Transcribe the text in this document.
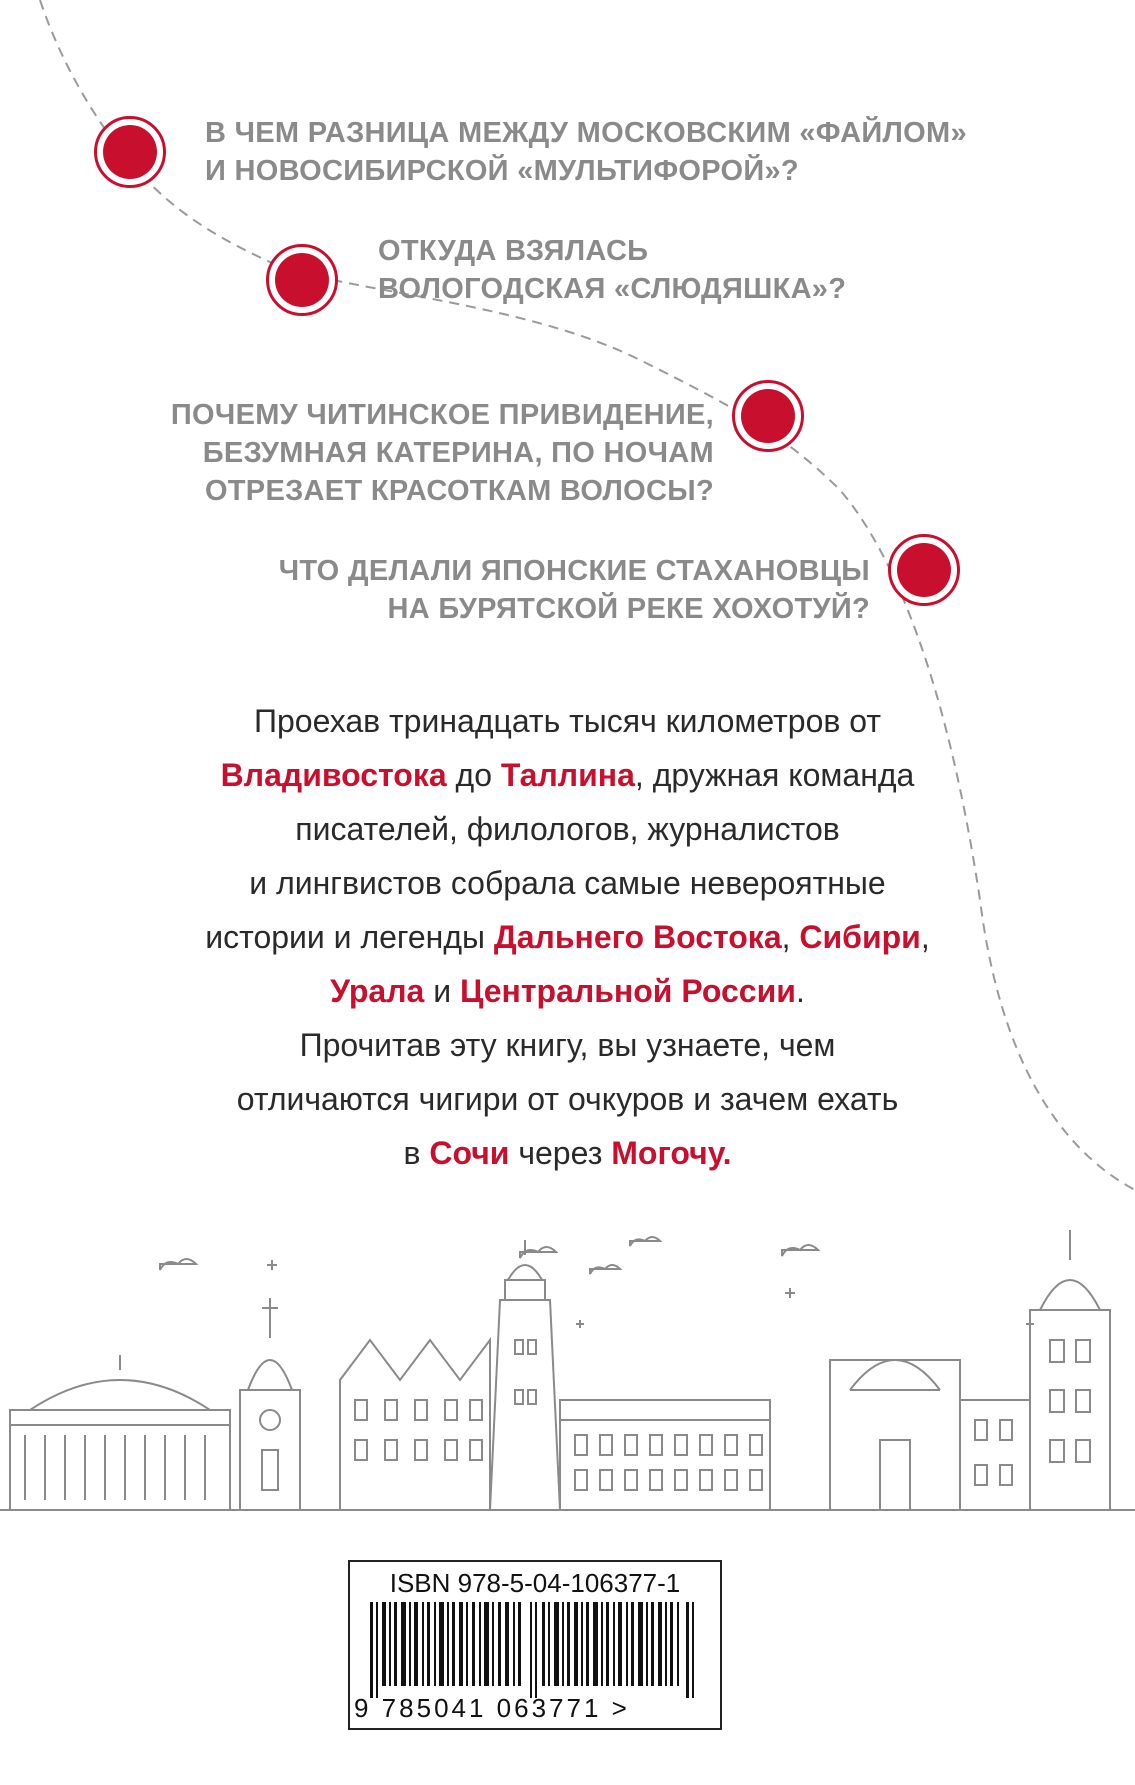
В ЧЕМ РАЗНИЦА МЕЖДУ МОСКОВСКИМ «ФАЙЛОМ»
И НОВОСИБИРСКОЙ «МУЛЬТИФОРОЙ»?
ОТКУДА ВЗЯЛАСЬ
ВОЛОГОДСКАЯ «СЛЮДЯШКА»?
ПОЧЕМУ ЧИТИНСКОЕ ПРИВИДЕНИЕ,
БЕЗУМНАЯ КАТЕРИНА, ПО НОЧАМ
ОТРЕЗАЕТ КРАСОТКАМ ВОЛОСЫ?
ЧТО ДЕЛАЛИ ЯПОНСКИЕ СТАХАНОВЦЫ
НА БУРЯТСКОЙ РЕКЕ ХОХОТУЙ?
Проехав тринадцать тысяч километров от
Владивостока до Таллина, дружная команда
писателей, филологов, журналистов
и лингвистов собрала самые невероятные
истории и легенды Дальнего Востока, Сибири,
Урала и Центральной России.
Прочитав эту книгу, вы узнаете, чем
отличаются чигири от очкуров и зачем ехать
в Сочи через Могочу.
ISBN 978-5-04-106377-1
9 785041 063771 >
